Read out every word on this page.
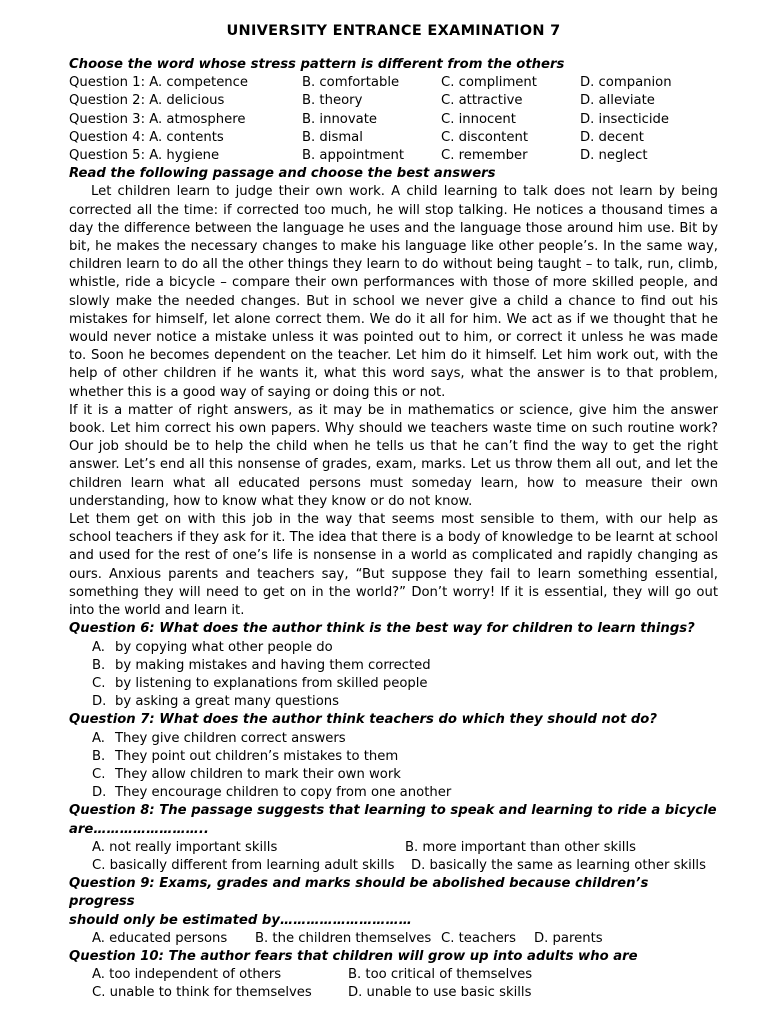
UNIVERSITY ENTRANCE EXAMINATION 7
Choose the word whose stress pattern is different from the others
Question 1: A. competence	B. comfortable	C. compliment	D. companion
Question 2: A. delicious	B. theory	C. attractive	D. alleviate
Question 3: A. atmosphere	B. innovate	C. innocent	D. insecticide
Question 4: A. contents	B. dismal	C. discontent	D. decent
Question 5: A. hygiene	B. appointment	C. remember	D. neglect
Read the following passage and choose the best answers
Let children learn to judge their own work. A child learning to talk does not learn by being corrected all the time: if corrected too much, he will stop talking. He notices a thousand times a day the difference between the language he uses and the language those around him use. Bit by bit, he makes the necessary changes to make his language like other people’s. In the same way, children learn to do all the other things they learn to do without being taught – to talk, run, climb, whistle, ride a bicycle – compare their own performances with those of more skilled people, and slowly make the needed changes. But in school we never give a child a chance to find out his mistakes for himself, let alone correct them. We do it all for him. We act as if we thought that he would never notice a mistake unless it was pointed out to him, or correct it unless he was made to. Soon he becomes dependent on the teacher. Let him do it himself. Let him work out, with the help of other children if he wants it, what this word says, what the answer is to that problem, whether this is a good way of saying or doing this or not.
If it is a matter of right answers, as it may be in mathematics or science, give him the answer book. Let him correct his own papers. Why should we teachers waste time on such routine work? Our job should be to help the child when he tells us that he can’t find the way to get the right answer. Let’s end all this nonsense of grades, exam, marks. Let us throw them all out, and let the children learn what all educated persons must someday learn, how to measure their own understanding, how to know what they know or do not know.
Let them get on with this job in the way that seems most sensible to them, with our help as school teachers if they ask for it. The idea that there is a body of knowledge to be learnt at school and used for the rest of one’s life is nonsense in a world as complicated and rapidly changing as ours. Anxious parents and teachers say, “But suppose they fail to learn something essential, something they will need to get on in the world?” Don’t worry! If it is essential, they will go out into the world and learn it.
Question 6: What does the author think is the best way for children to learn things?
A. by copying what other people do
B. by making mistakes and having them corrected
C. by listening to explanations from skilled people
D. by asking a great many questions
Question 7: What does the author think teachers do which they should not do?
A. They give children correct answers
B. They point out children’s mistakes to them
C. They allow children to mark their own work
D. They encourage children to copy from one another
Question 8: The passage suggests that learning to speak and learning to ride a bicycle
are……………………..
A. not really important skills	B. more important than other skills
C. basically different from learning adult skills	D. basically the same as learning other skills
Question 9: Exams, grades and marks should be abolished because children’s progress
should only be estimated by…………………………
A. educated persons B. the children themselves C. teachers D. parents
Question 10: The author fears that children will grow up into adults who are
A. too independent of others	B. too critical of themselves
C. unable to think for themselves	D. unable to use basic skills
